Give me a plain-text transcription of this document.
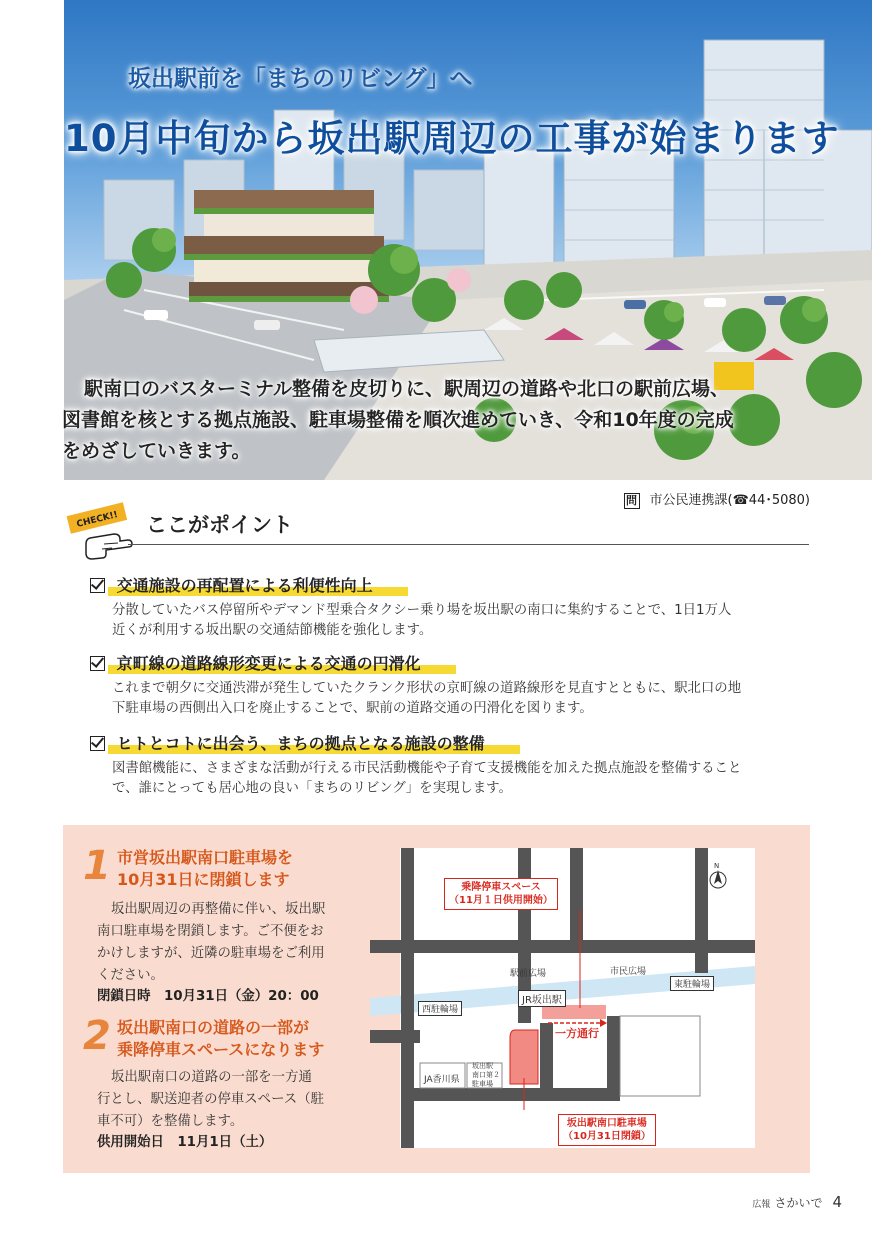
坂出駅前を「まちのリビング」へ
10月中旬から坂出駅周辺の工事が始まります
駅南口のバスターミナル整備を皮切りに、駅周辺の道路や北口の駅前広場、
図書館を核とする拠点施設、駐車場整備を順次進めていき、令和10年度の完成
をめざしていきます。
問 市公民連携課(☎44･5080)
CHECK!! ここがポイント

交通施設の再配置による利便性向上
分散していたバス停留所やデマンド型乗合タクシー乗り場を坂出駅の南口に集約することで、1日1万人
近くが利用する坂出駅の交通結節機能を強化します。

京町線の道路線形変更による交通の円滑化
これまで朝夕に交通渋滞が発生していたクランク形状の京町線の道路線形を見直すとともに、駅北口の地
下駐車場の西側出入口を廃止することで、駅前の道路交通の円滑化を図ります。

ヒトとコトに出会う、まちの拠点となる施設の整備
図書館機能に、さまざまな活動が行える市民活動機能や子育て支援機能を加えた拠点施設を整備すること
で、誰にとっても居心地の良い「まちのリビング」を実現します。
1 市営坂出駅南口駐車場を
10月31日に閉鎖します
坂出駅周辺の再整備に伴い、坂出駅
南口駐車場を閉鎖します。ご不便をお
かけしますが、近隣の駐車場をご利用
ください。
閉鎖日時　10月31日（金）20：00
2 坂出駅南口の道路の一部が
乗降停車スペースになります
坂出駅南口の道路の一部を一方通
行とし、駅送迎者の停車スペース（駐
車不可）を整備します。
供用開始日　11月1日（土）
N
乗降停車スペース
（11月１日供用開始）
駅前広場	市民広場
東駐輪場
西駐輪場
JR坂出駅
一方通行
JA香川県
坂出駅
南口第２
駐車場
坂出駅南口駐車場
（10月31日閉鎖）
広報 さかいで 4
